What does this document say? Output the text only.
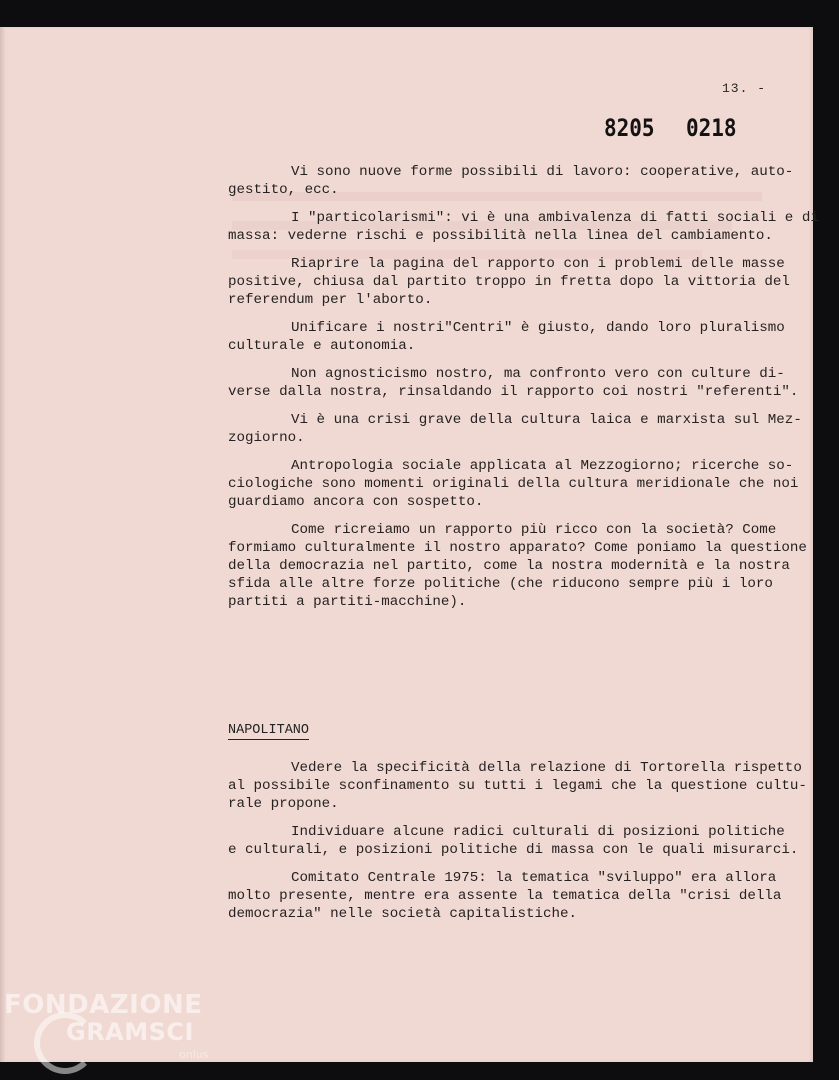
13. -
8205 0218
Vi sono nuove forme possibili di lavoro: cooperative, auto-
gestito, ecc.
I "particolarismi": vi è una ambivalenza di fatti sociali e di
massa: vederne rischi e possibilità nella linea del cambiamento.
Riaprire la pagina del rapporto con i problemi delle masse
positive, chiusa dal partito troppo in fretta dopo la vittoria del
referendum per l'aborto.
Unificare i nostri"Centri" è giusto, dando loro pluralismo
culturale e autonomia.
Non agnosticismo nostro, ma confronto vero con culture di-
verse dalla nostra, rinsaldando il rapporto coi nostri "referenti".
Vi è una crisi grave della cultura laica e marxista sul Mez-
zogiorno.
Antropologia sociale applicata al Mezzogiorno; ricerche so-
ciologiche sono momenti originali della cultura meridionale che noi
guardiamo ancora con sospetto.
Come ricreiamo un rapporto più ricco con la società? Come
formiamo culturalmente il nostro apparato? Come poniamo la questione
della democrazia nel partito, come la nostra modernità e la nostra
sfida alle altre forze politiche (che riducono sempre più i loro
partiti a partiti-macchine).
NAPOLITANO
Vedere la specificità della relazione di Tortorella rispetto
al possibile sconfinamento su tutti i legami che la questione cultu-
rale propone.
Individuare alcune radici culturali di posizioni politiche
e culturali, e posizioni politiche di massa con le quali misurarci.
Comitato Centrale 1975: la tematica "sviluppo" era allora
molto presente, mentre era assente la tematica della "crisi della
democrazia" nelle società capitalistiche.
FONDAZIONE
GRAMSCI
onlus
